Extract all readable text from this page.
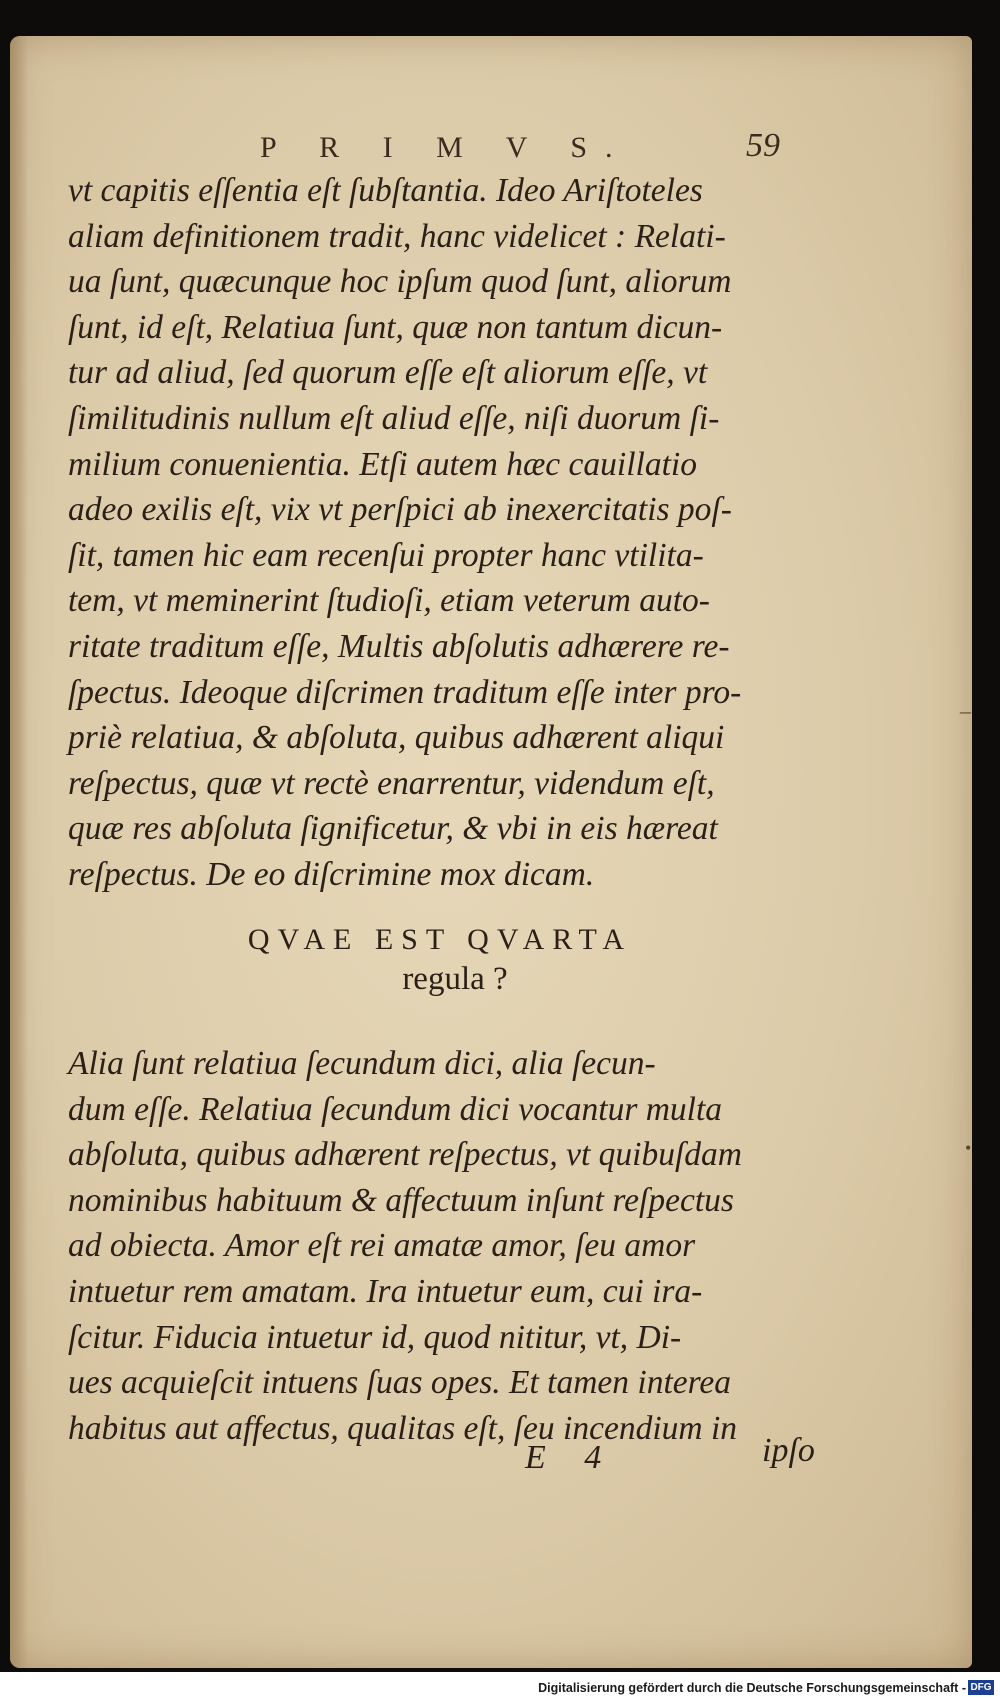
P R I M V S.	59

vt capitis eſſentia eſt ſubſtantia. Ideo Ariſtoteles
aliam definitionem tradit, hanc videlicet : Relati-
ua ſunt, quæcunque hoc ipſum quod ſunt, aliorum
ſunt, id eſt, Relatiua ſunt, quæ non tantum dicun-
tur ad aliud, ſed quorum eſſe eſt aliorum eſſe, vt
ſimilitudinis nullum eſt aliud eſſe, niſi duorum ſi-
milium conuenientia. Etſi autem hæc cauillatio
adeo exilis eſt, vix vt perſpici ab inexercitatis poſ-
ſit, tamen hic eam recenſui propter hanc vtilita-
tem, vt meminerint ſtudioſi, etiam veterum auto-
ritate traditum eſſe, Multis abſolutis adhærere re-
ſpectus. Ideoque diſcrimen traditum eſſe inter pro-
priè relatiua, & abſoluta, quibus adhærent aliqui
reſpectus, quæ vt rectè enarrentur, videndum eſt,
quæ res abſoluta ſignificetur, & vbi in eis hæreat
reſpectus. De eo diſcrimine mox dicam.

QVAE EST QVARTA
regula ?

Alia ſunt relatiua ſecundum dici, alia ſecun-
dum eſſe. Relatiua ſecundum dici vocantur multa
abſoluta, quibus adhærent reſpectus, vt quibuſdam
nominibus habituum & affectuum inſunt reſpectus
ad obiecta. Amor eſt rei amatæ amor, ſeu amor
intuetur rem amatam. Ira intuetur eum, cui ira-
ſcitur. Fiducia intuetur id, quod nititur, vt, Di-
ues acquieſcit intuens ſuas opes. Et tamen interea
habitus aut affectus, qualitas eſt, ſeu incendium in

E 4	ipſo
–
•
Digitalisierung gefördert durch die Deutsche Forschungsgemeinschaft - DFG
